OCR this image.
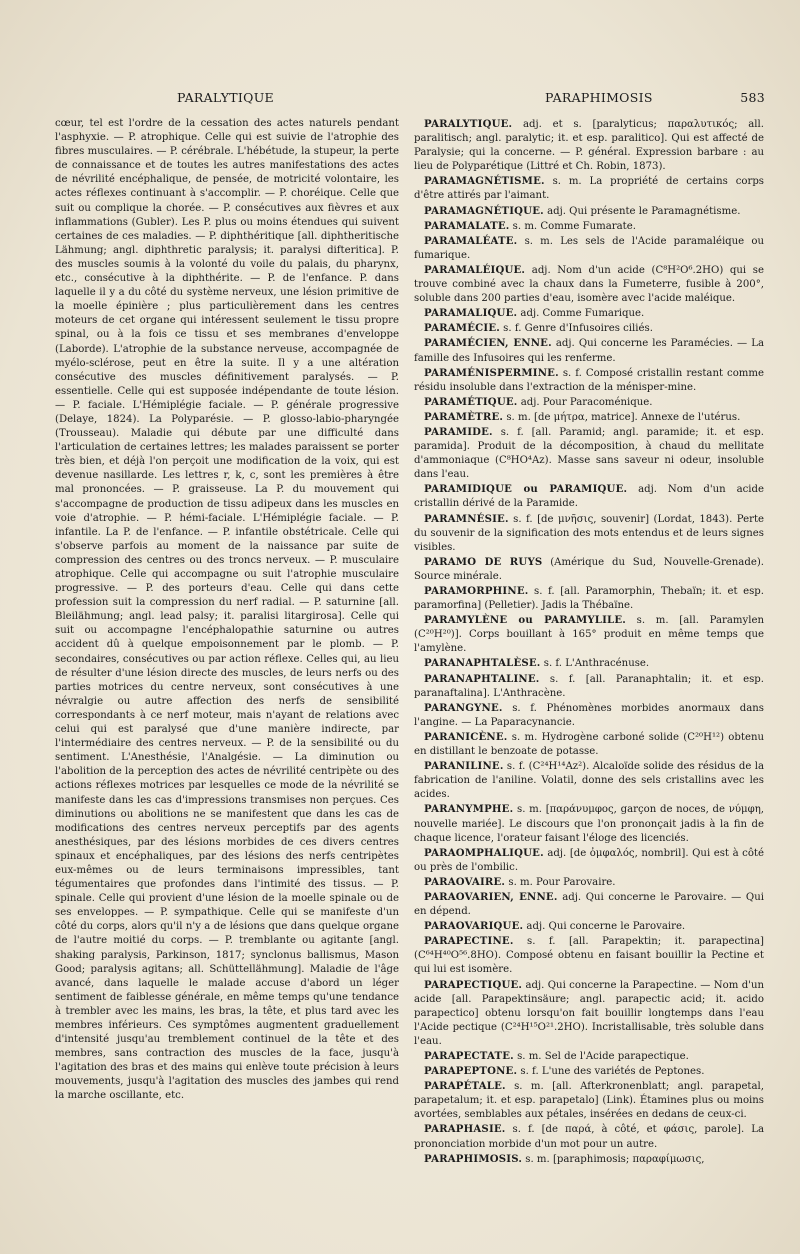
PARALYTIQUE	PARAPHIMOSIS	583

cœur, tel est l'ordre de la cessation des actes naturels pendant l'asphyxie. — P. atrophique. Celle qui est suivie de l'atrophie des fibres musculaires. — P. cérébrale. L'hébétude, la stupeur, la perte de connaissance et de toutes les autres manifestations des actes de névrilité encéphalique, de pensée, de motricité volontaire, les actes réflexes continuant à s'accomplir. — P. choréique. Celle que suit ou complique la chorée. — P. consécutives aux fièvres et aux inflammations (Gubler). Les P. plus ou moins étendues qui suivent certaines de ces maladies. — P. diphthéritique [all. diphtheritische Lähmung; angl. diphthretic paralysis; it. paralysi difteritica]. P. des muscles soumis à la volonté du voile du palais, du pharynx, etc., consécutive à la diphthérite. — P. de l'enfance. P. dans laquelle il y a du côté du système nerveux, une lésion primitive de la moelle épinière ; plus particulièrement dans les centres moteurs de cet organe qui intéressent seulement le tissu propre spinal, ou à la fois ce tissu et ses membranes d'enveloppe (Laborde). L'atrophie de la substance nerveuse, accompagnée de myélo-sclérose, peut en être la suite. Il y a une altération consécutive des muscles définitivement paralysés. — P. essentielle. Celle qui est supposée indépendante de toute lésion. — P. faciale. L'Hémiplégie faciale. — P. générale progressive (Delaye, 1824). La Polyparésie. — P. glosso-labio-pharyngée (Trousseau). Maladie qui débute par une difficulté dans l'articulation de certaines lettres; les malades paraissent se porter très bien, et déjà l'on perçoit une modification de la voix, qui est devenue nasillarde. Les lettres r, k, c, sont les premières à être mal prononcées. — P. graisseuse. La P. du mouvement qui s'accompagne de production de tissu adipeux dans les muscles en voie d'atrophie. — P. hémi-faciale. L'Hémiplégie faciale. — P. infantile. La P. de l'enfance. — P. infantile obstétricale. Celle qui s'observe parfois au moment de la naissance par suite de compression des centres ou des troncs nerveux. — P. musculaire atrophique. Celle qui accompagne ou suit l'atrophie musculaire progressive. — P. des porteurs d'eau. Celle qui dans cette profession suit la compression du nerf radial. — P. saturnine [all. Bleilähmung; angl. lead palsy; it. paralisi litargirosa]. Celle qui suit ou accompagne l'encéphalopathie saturnine ou autres accident dû à quelque empoisonnement par le plomb. — P. secondaires, consécutives ou par action réflexe. Celles qui, au lieu de résulter d'une lésion directe des muscles, de leurs nerfs ou des parties motrices du centre nerveux, sont consécutives à une névralgie ou autre affection des nerfs de sensibilité correspondants à ce nerf moteur, mais n'ayant de relations avec celui qui est paralysé que d'une manière indirecte, par l'intermédiaire des centres nerveux. — P. de la sensibilité ou du sentiment. L'Anesthésie, l'Analgésie. — La diminution ou l'abolition de la perception des actes de névrilité centripète ou des actions réflexes motrices par lesquelles ce mode de la névrilité se manifeste dans les cas d'impressions transmises non perçues. Ces diminutions ou abolitions ne se manifestent que dans les cas de modifications des centres nerveux perceptifs par des agents anesthésiques, par des lésions morbides de ces divers centres spinaux et encéphaliques, par des lésions des nerfs centripètes eux-mêmes ou de leurs terminaisons impressibles, tant tégumentaires que profondes dans l'intimité des tissus. — P. spinale. Celle qui provient d'une lésion de la moelle spinale ou de ses enveloppes. — P. sympathique. Celle qui se manifeste d'un côté du corps, alors qu'il n'y a de lésions que dans quelque organe de l'autre moitié du corps. — P. tremblante ou agitante [angl. shaking paralysis, Parkinson, 1817; synclonus ballismus, Mason Good; paralysis agitans; all. Schüttellähmung]. Maladie de l'âge avancé, dans laquelle le malade accuse d'abord un léger sentiment de faiblesse générale, en même temps qu'une tendance à trembler avec les mains, les bras, la tête, et plus tard avec les membres inférieurs. Ces symptômes augmentent graduellement d'intensité jusqu'au tremblement continuel de la tête et des membres, sans contraction des muscles de la face, jusqu'à l'agitation des bras et des mains qui enlève toute précision à leurs mouvements, jusqu'à l'agitation des muscles des jambes qui rend la marche oscillante, etc.

PARALYTIQUE. adj. et s. [paralyticus; παραλυτικός; all. paralitisch; angl. paralytic; it. et esp. paralitico]. Qui est affecté de Paralysie; qui la concerne. — P. général. Expression barbare : au lieu de Polyparétique (Littré et Ch. Robin, 1873).

PARAMAGNÉTISME. s. m. La propriété de certains corps d'être attirés par l'aimant.

PARAMAGNÉTIQUE. adj. Qui présente le Paramagnétisme.

PARAMALATE. s. m. Comme Fumarate.

PARAMALÉATE. s. m. Les sels de l'Acide paramaléique ou fumarique.

PARAMALÉIQUE. adj. Nom d'un acide (C⁸H²O⁶.2HO) qui se trouve combiné avec la chaux dans la Fumeterre, fusible à 200°, soluble dans 200 parties d'eau, isomère avec l'acide maléique.

PARAMALIQUE. adj. Comme Fumarique.

PARAMÉCIE. s. f. Genre d'Infusoires ciliés.

PARAMÉCIEN, ENNE. adj. Qui concerne les Paramécies. — La famille des Infusoires qui les renferme.

PARAMÉNISPERMINE. s. f. Composé cristallin restant comme résidu insoluble dans l'extraction de la ménisper-mine.

PARAMÉTIQUE. adj. Pour Paracoménique.

PARAMÈTRE. s. m. [de μήτρα, matrice]. Annexe de l'utérus.

PARAMIDE. s. f. [all. Paramid; angl. paramide; it. et esp. paramida]. Produit de la décomposition, à chaud du mellitate d'ammoniaque (C⁸HO⁴Az). Masse sans saveur ni odeur, insoluble dans l'eau.

PARAMIDIQUE ou PARAMIQUE. adj. Nom d'un acide cristallin dérivé de la Paramide.

PARAMNÉSIE. s. f. [de μνῆσις, souvenir] (Lordat, 1843). Perte du souvenir de la signification des mots entendus et de leurs signes visibles.

PARAMO DE RUYS (Amérique du Sud, Nouvelle-Grenade). Source minérale.

PARAMORPHINE. s. f. [all. Paramorphin, Thebaïn; it. et esp. paramorfina] (Pelletier). Jadis la Thébaïne.

PARAMYLÈNE ou PARAMYLILE. s. m. [all. Paramylen (C²⁰H²⁰)]. Corps bouillant à 165° produit en même temps que l'amylène.

PARANAPHTALÈSE. s. f. L'Anthracénuse.

PARANAPHTALINE. s. f. [all. Paranaphtalin; it. et esp. paranaftalina]. L'Anthracène.

PARANGYNE. s. f. Phénomènes morbides anormaux dans l'angine. — La Paparacynancie.

PARANICÈNE. s. m. Hydrogène carboné solide (C²⁰H¹²) obtenu en distillant le benzoate de potasse.

PARANILINE. s. f. (C²⁴H¹⁴Az²). Alcaloïde solide des résidus de la fabrication de l'aniline. Volatil, donne des sels cristallins avec les acides.

PARANYMPHE. s. m. [παράνυμφος, garçon de noces, de νύμφη, nouvelle mariée]. Le discours que l'on prononçait jadis à la fin de chaque licence, l'orateur faisant l'éloge des licenciés.

PARAOMPHALIQUE. adj. [de ὀμφαλός, nombril]. Qui est à côté ou près de l'ombilic.

PARAOVAIRE. s. m. Pour Parovaire.

PARAOVARIEN, ENNE. adj. Qui concerne le Parovaire. — Qui en dépend.

PARAOVARIQUE. adj. Qui concerne le Parovaire.

PARAPECTINE. s. f. [all. Parapektin; it. parapectina] (C⁶⁴H⁴⁰O⁵⁶.8HO). Composé obtenu en faisant bouillir la Pectine et qui lui est isomère.

PARAPECTIQUE. adj. Qui concerne la Parapectine. — Nom d'un acide [all. Parapektinsäure; angl. parapectic acid; it. acido parapectico] obtenu lorsqu'on fait bouillir longtemps dans l'eau l'Acide pectique (C²⁴H¹⁵O²¹.2HO). Incristallisable, très soluble dans l'eau.

PARAPECTATE. s. m. Sel de l'Acide parapectique.

PARAPEPTONE. s. f. L'une des variétés de Peptones.

PARAPÉTALE. s. m. [all. Afterkronenblatt; angl. parapetal, parapetalum; it. et esp. parapetalo] (Link). Étamines plus ou moins avortées, semblables aux pétales, insérées en dedans de ceux-ci.

PARAPHASIE. s. f. [de παρά, à côté, et φάσις, parole]. La prononciation morbide d'un mot pour un autre.

PARAPHIMOSIS. s. m. [paraphimosis; παραφίμωσις,
